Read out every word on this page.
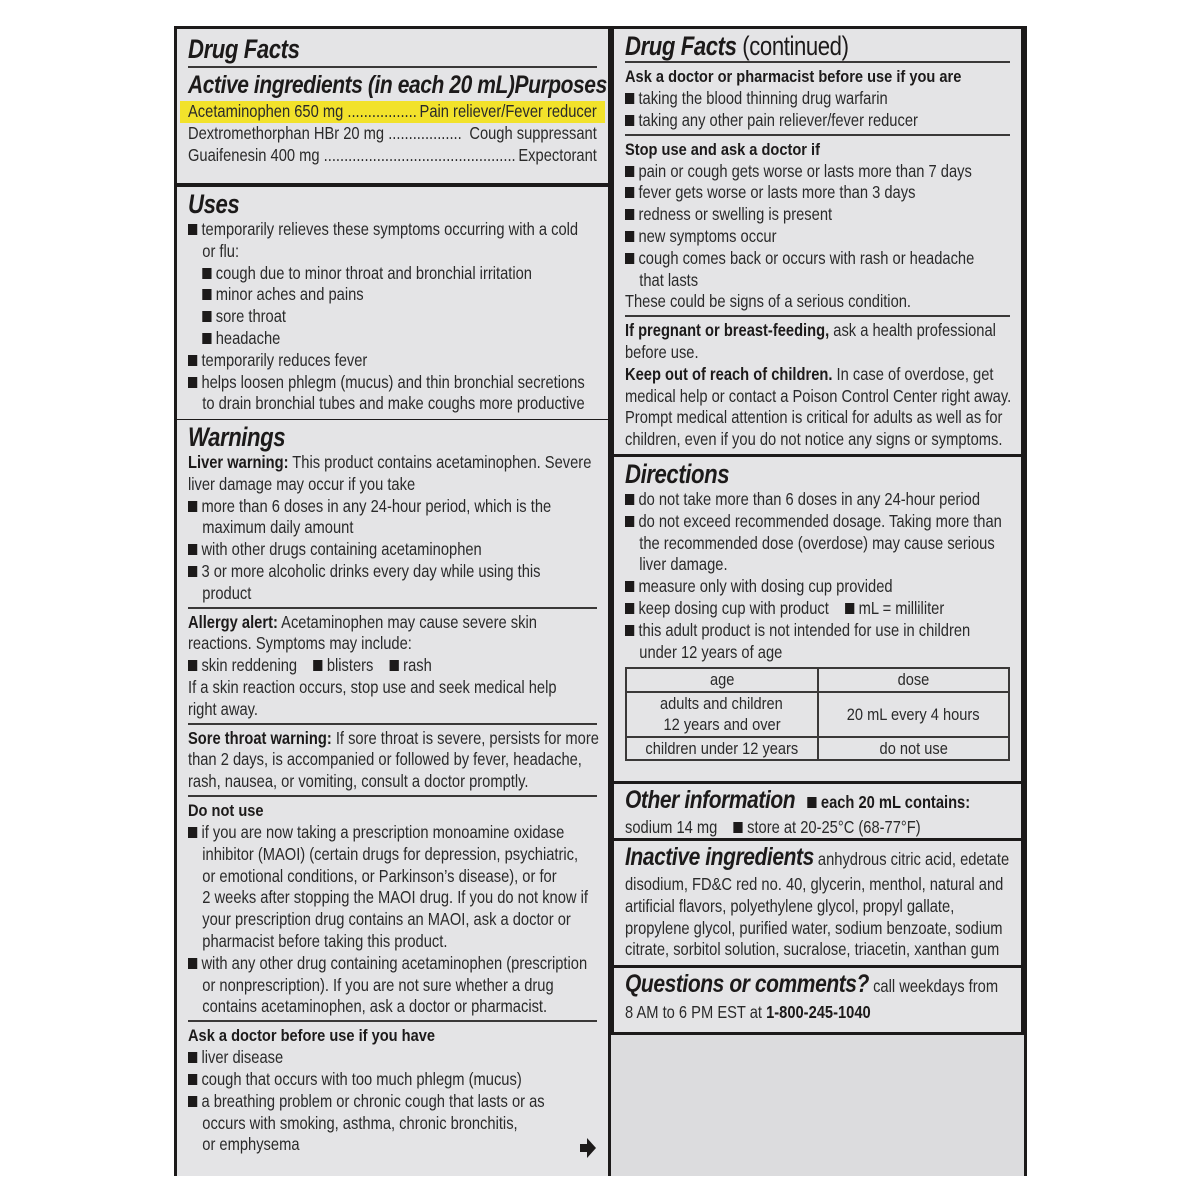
Drug Facts
Active ingredients (in each 20 mL) Purposes
Acetaminophen 650 mg ................. Pain reliever/Fever reducer
Dextromethorphan HBr 20 mg .................. Cough suppressant
Guaifenesin 400 mg ............................................... Expectorant
Uses
temporarily relieves these symptoms occurring with a cold
or flu:
cough due to minor throat and bronchial irritation
minor aches and pains
sore throat
headache
temporarily reduces fever
helps loosen phlegm (mucus) and thin bronchial secretions
to drain bronchial tubes and make coughs more productive
Warnings
Liver warning: This product contains acetaminophen. Severe
liver damage may occur if you take
more than 6 doses in any 24-hour period, which is the
maximum daily amount
with other drugs containing acetaminophen
3 or more alcoholic drinks every day while using this
product
Allergy alert: Acetaminophen may cause severe skin
reactions. Symptoms may include:
skin reddening blisters rash
If a skin reaction occurs, stop use and seek medical help
right away.
Sore throat warning: If sore throat is severe, persists for more
than 2 days, is accompanied or followed by fever, headache,
rash, nausea, or vomiting, consult a doctor promptly.
Do not use
if you are now taking a prescription monoamine oxidase
inhibitor (MAOI) (certain drugs for depression, psychiatric,
or emotional conditions, or Parkinson’s disease), or for
2 weeks after stopping the MAOI drug. If you do not know if
your prescription drug contains an MAOI, ask a doctor or
pharmacist before taking this product.
with any other drug containing acetaminophen (prescription
or nonprescription). If you are not sure whether a drug
contains acetaminophen, ask a doctor or pharmacist.
Ask a doctor before use if you have
liver disease
cough that occurs with too much phlegm (mucus)
a breathing problem or chronic cough that lasts or as
occurs with smoking, asthma, chronic bronchitis,
or emphysema
Drug Facts (continued)
Ask a doctor or pharmacist before use if you are
taking the blood thinning drug warfarin
taking any other pain reliever/fever reducer
Stop use and ask a doctor if
pain or cough gets worse or lasts more than 7 days
fever gets worse or lasts more than 3 days
redness or swelling is present
new symptoms occur
cough comes back or occurs with rash or headache
that lasts
These could be signs of a serious condition.
If pregnant or breast-feeding, ask a health professional
before use.
Keep out of reach of children. In case of overdose, get
medical help or contact a Poison Control Center right away.
Prompt medical attention is critical for adults as well as for
children, even if you do not notice any signs or symptoms.
Directions
do not take more than 6 doses in any 24-hour period
do not exceed recommended dosage. Taking more than
the recommended dose (overdose) may cause serious
liver damage.
measure only with dosing cup provided
keep dosing cup with product mL = milliliter
this adult product is not intended for use in children
under 12 years of age
age	dose
adults and children
12 years and over	20 mL every 4 hours
children under 12 years	do not use
Other information each 20 mL contains:
sodium 14 mg store at 20-25°C (68-77°F)
Inactive ingredients anhydrous citric acid, edetate
disodium, FD&C red no. 40, glycerin, menthol, natural and
artificial flavors, polyethylene glycol, propyl gallate,
propylene glycol, purified water, sodium benzoate, sodium
citrate, sorbitol solution, sucralose, triacetin, xanthan gum
Questions or comments? call weekdays from
8 AM to 6 PM EST at 1-800-245-1040
